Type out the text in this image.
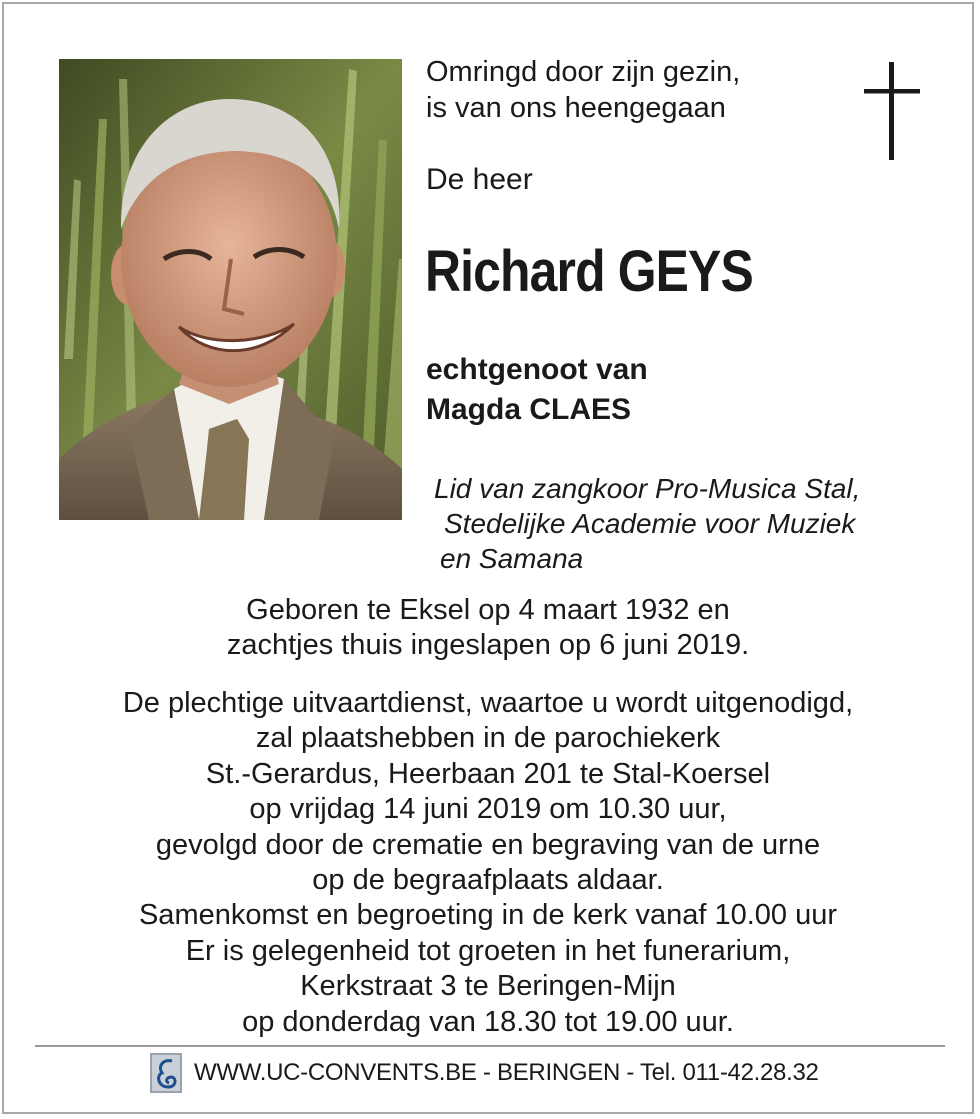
Omringd door zijn gezin,
is van ons heengegaan
De heer
Richard GEYS
echtgenoot van
Magda CLAES
Lid van zangkoor Pro-Musica Stal,
Stedelijke Academie voor Muziek
en Samana
Geboren te Eksel op 4 maart 1932 en
zachtjes thuis ingeslapen op 6 juni 2019.
De plechtige uitvaartdienst, waartoe u wordt uitgenodigd,
zal plaatshebben in de parochiekerk
St.-Gerardus, Heerbaan 201 te Stal-Koersel
op vrijdag 14 juni 2019 om 10.30 uur,
gevolgd door de crematie en begraving van de urne
op de begraafplaats aldaar.
Samenkomst en begroeting in de kerk vanaf 10.00 uur
Er is gelegenheid tot groeten in het funerarium,
Kerkstraat 3 te Beringen-Mijn
op donderdag van 18.30 tot 19.00 uur.
WWW.UC-CONVENTS.BE - BERINGEN - Tel. 011-42.28.32
